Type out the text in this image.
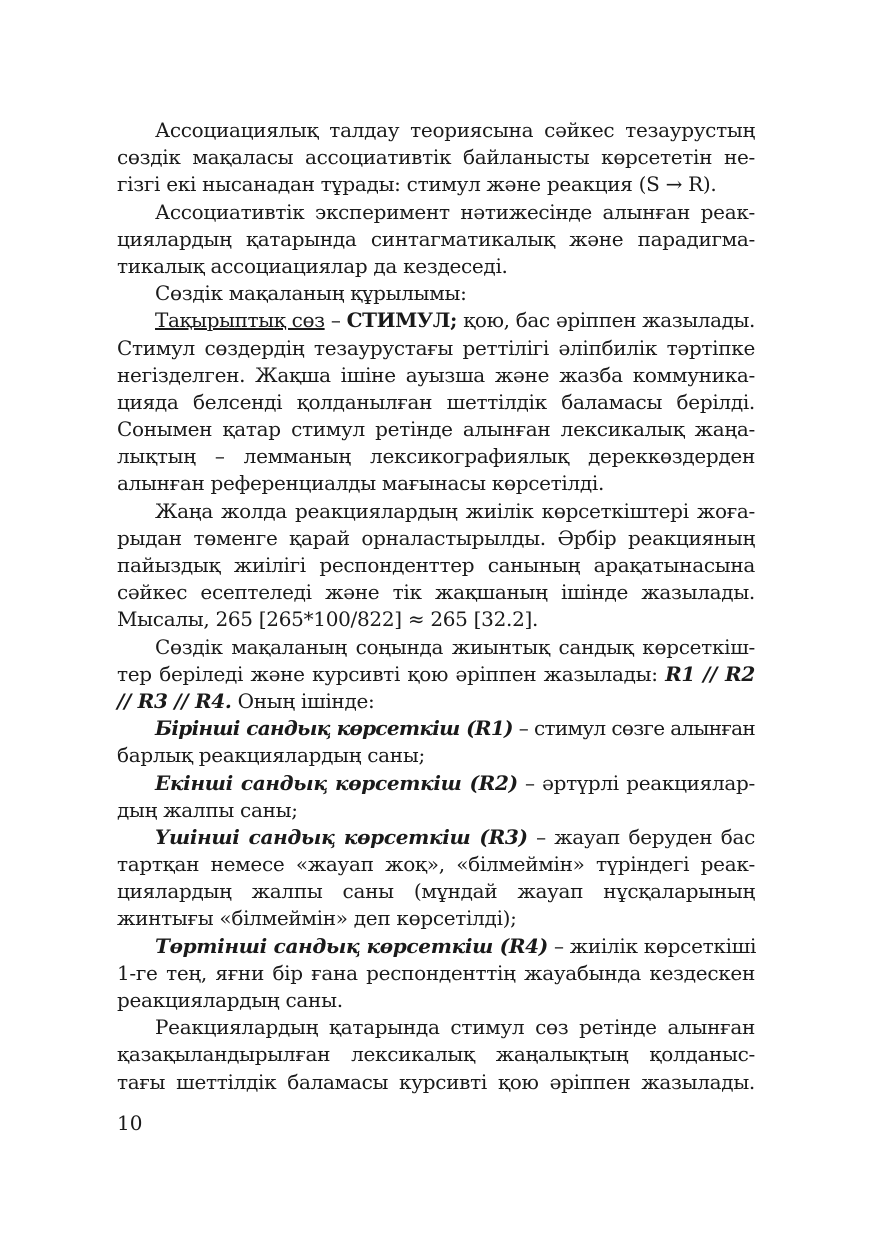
Ассоциациялық талдау теориясына сәйкес тезаурустың
сөздік мақаласы ассоциативтік байланысты көрсететін не-
гізгі екі нысанадан тұрады: стимул және реакция (S → R).
Ассоциативтік эксперимент нәтижесінде алынған реак-
циялардың қатарында синтагматикалық және парадигма-
тикалық ассоциациялар да кездеседі.
Сөздік мақаланың құрылымы:
Тақырыптық сөз – СТИМУЛ; қою, бас әріппен жазылады.
Стимул сөздердің тезаурустағы реттілігі әліпбилік тәртіпке
негізделген. Жақша ішіне ауызша және жазба коммуника-
цияда белсенді қолданылған шеттілдік баламасы берілді.
Сонымен қатар стимул ретінде алынған лексикалық жаңа-
лықтың – лемманың лексикографиялық дереккөздерден
алынған референциалды мағынасы көрсетілді.
Жаңа жолда реакциялардың жиілік көрсеткіштері жоға-
рыдан төменге қарай орналастырылды. Әрбір реакцияның
пайыздық жиілігі респонденттер санының арақатынасына
сәйкес есептеледі және тік жақшаның ішінде жазылады.
Мысалы, 265 [265*100/822] ≈ 265 [32.2].
Сөздік мақаланың соңында жиынтық сандық көрсеткіш-
тер беріледі және курсивті қою әріппен жазылады: R1 // R2
// R3 // R4. Оның ішінде:
Бірінші сандық көрсеткіш (R1) – стимул сөзге алынған
барлық реакциялардың саны;
Екінші сандық көрсеткіш (R2) – әртүрлі реакциялар-
дың жалпы саны;
Үшінші сандық көрсеткіш (R3) – жауап беруден бас
тартқан немесе «жауап жоқ», «білмеймін» түріндегі реак-
циялардың жалпы саны (мұндай жауап нұсқаларының
жинтығы «білмеймін» деп көрсетілді);
Төртінші сандық көрсеткіш (R4) – жиілік көрсеткіші
1-ге тең, яғни бір ғана респонденттің жауабында кездескен
реакциялардың саны.
Реакциялардың қатарында стимул сөз ретінде алынған
қазақыландырылған лексикалық жаңалықтың қолданыс-
тағы шеттілдік баламасы курсивті қою әріппен жазылады.
10
